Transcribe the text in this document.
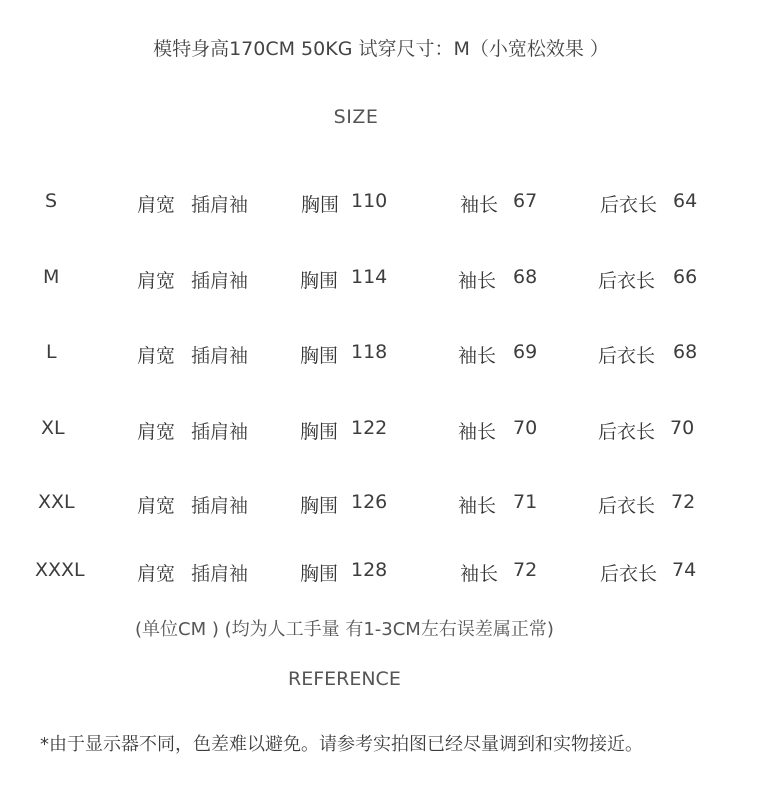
模特身高170CM 50KG 试穿尺寸：M（小宽松效果 ）
SIZE
S	肩宽 插肩袖	胸围 110	袖长 67	后衣长 64
M	肩宽 插肩袖	胸围 114	袖长 68	后衣长 66
L	肩宽 插肩袖	胸围 118	袖长 69	后衣长 68
XL	肩宽 插肩袖	胸围 122	袖长 70	后衣长 70
XXL	肩宽 插肩袖	胸围 126	袖长 71	后衣长 72
XXXL	肩宽 插肩袖	胸围 128	袖长 72	后衣长 74
(单位CM ) (均为人工手量 有1-3CM左右误差属正常)
REFERENCE
*由于显示器不同，色差难以避免。请参考实拍图已经尽量调到和实物接近。
